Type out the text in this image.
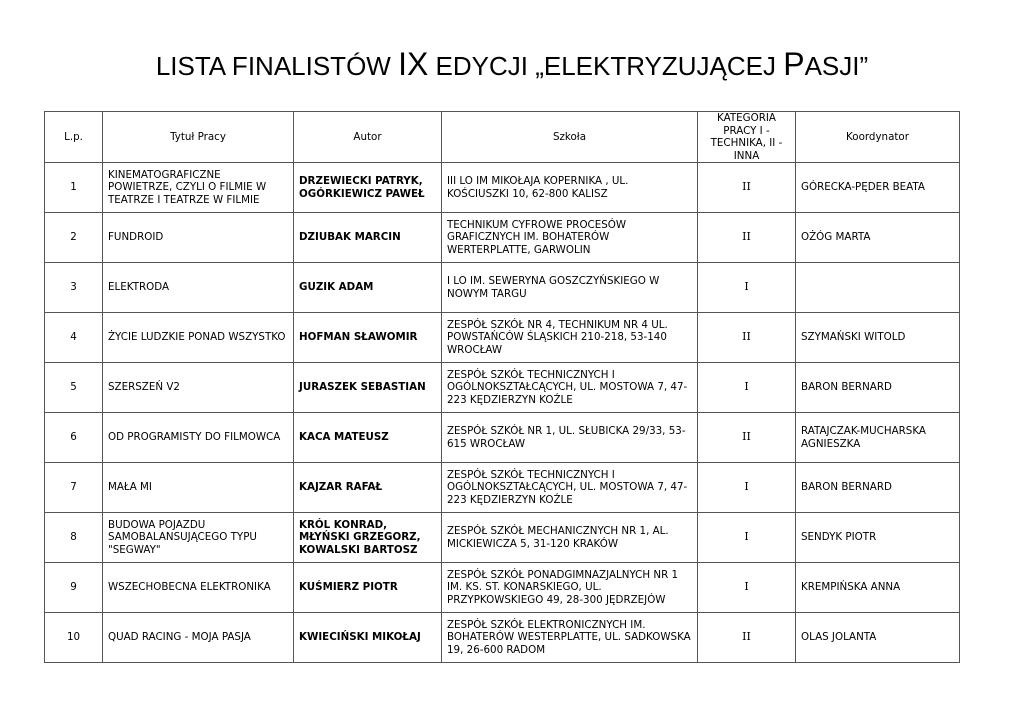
LISTA FINALISTÓW IX EDYCJI „ELEKTRYZUJĄCEJ PASJI”
L.p.	Tytuł Pracy	Autor	Szkoła	KATEGORIA PRACY I - TECHNIKA, II - INNA	Koordynator
1	KINEMATOGRAFICZNE POWIETRZE, CZYLI O FILMIE W TEATRZE I TEATRZE W FILMIE	DRZEWIECKI PATRYK, OGÓRKIEWICZ PAWEŁ	III LO IM MIKOŁAJA KOPERNIKA , UL. KOŚCIUSZKI 10, 62-800 KALISZ	II	GÓRECKA-PĘDER BEATA
2	FUNDROID	DZIUBAK MARCIN	TECHNIKUM CYFROWE PROCESÓW GRAFICZNYCH IM. BOHATERÓW WERTERPLATTE, GARWOLIN	II	OŻÓG MARTA
3	ELEKTRODA	GUZIK ADAM	I LO IM. SEWERYNA GOSZCZYŃSKIEGO W NOWYM TARGU	I	
4	ŻYCIE LUDZKIE PONAD WSZYSTKO	HOFMAN SŁAWOMIR	ZESPÓŁ SZKÓŁ NR 4, TECHNIKUM NR 4 UL. POWSTAŃCÓW ŚLĄSKICH 210-218, 53-140 WROCŁAW	II	SZYMAŃSKI WITOLD
5	SZERSZEŃ V2	JURASZEK SEBASTIAN	ZESPÓŁ SZKÓŁ TECHNICZNYCH I OGÓLNOKSZTAŁCĄCYCH, UL. MOSTOWA 7, 47-223 KĘDZIERZYN KOŹLE	I	BARON BERNARD
6	OD PROGRAMISTY DO FILMOWCA	KACA MATEUSZ	ZESPÓŁ SZKÓŁ NR 1, UL. SŁUBICKA 29/33, 53-615 WROCŁAW	II	RATAJCZAK-MUCHARSKA AGNIESZKA
7	MAŁA MI	KAJZAR RAFAŁ	ZESPÓŁ SZKÓŁ TECHNICZNYCH I OGÓLNOKSZTAŁCĄCYCH, UL. MOSTOWA 7, 47-223 KĘDZIERZYN KOŹLE	I	BARON BERNARD
8	BUDOWA POJAZDU SAMOBALANSUJĄCEGO TYPU "SEGWAY"	KRÓL KONRAD, MŁYŃSKI GRZEGORZ, KOWALSKI BARTOSZ	ZESPÓŁ SZKÓŁ MECHANICZNYCH NR 1, AL. MICKIEWICZA 5, 31-120 KRAKÓW	I	SENDYK PIOTR
9	WSZECHOBECNA ELEKTRONIKA	KUŚMIERZ PIOTR	ZESPÓŁ SZKÓŁ PONADGIMNAZJALNYCH NR 1 IM. KS. ST. KONARSKIEGO, UL. PRZYPKOWSKIEGO 49, 28-300 JĘDRZEJÓW	I	KREMPIŃSKA ANNA
10	QUAD RACING - MOJA PASJA	KWIECIŃSKI MIKOŁAJ	ZESPÓŁ SZKÓŁ ELEKTRONICZNYCH IM. BOHATERÓW WESTERPLATTE, UL. SADKOWSKA 19, 26-600 RADOM	II	OLAS JOLANTA
